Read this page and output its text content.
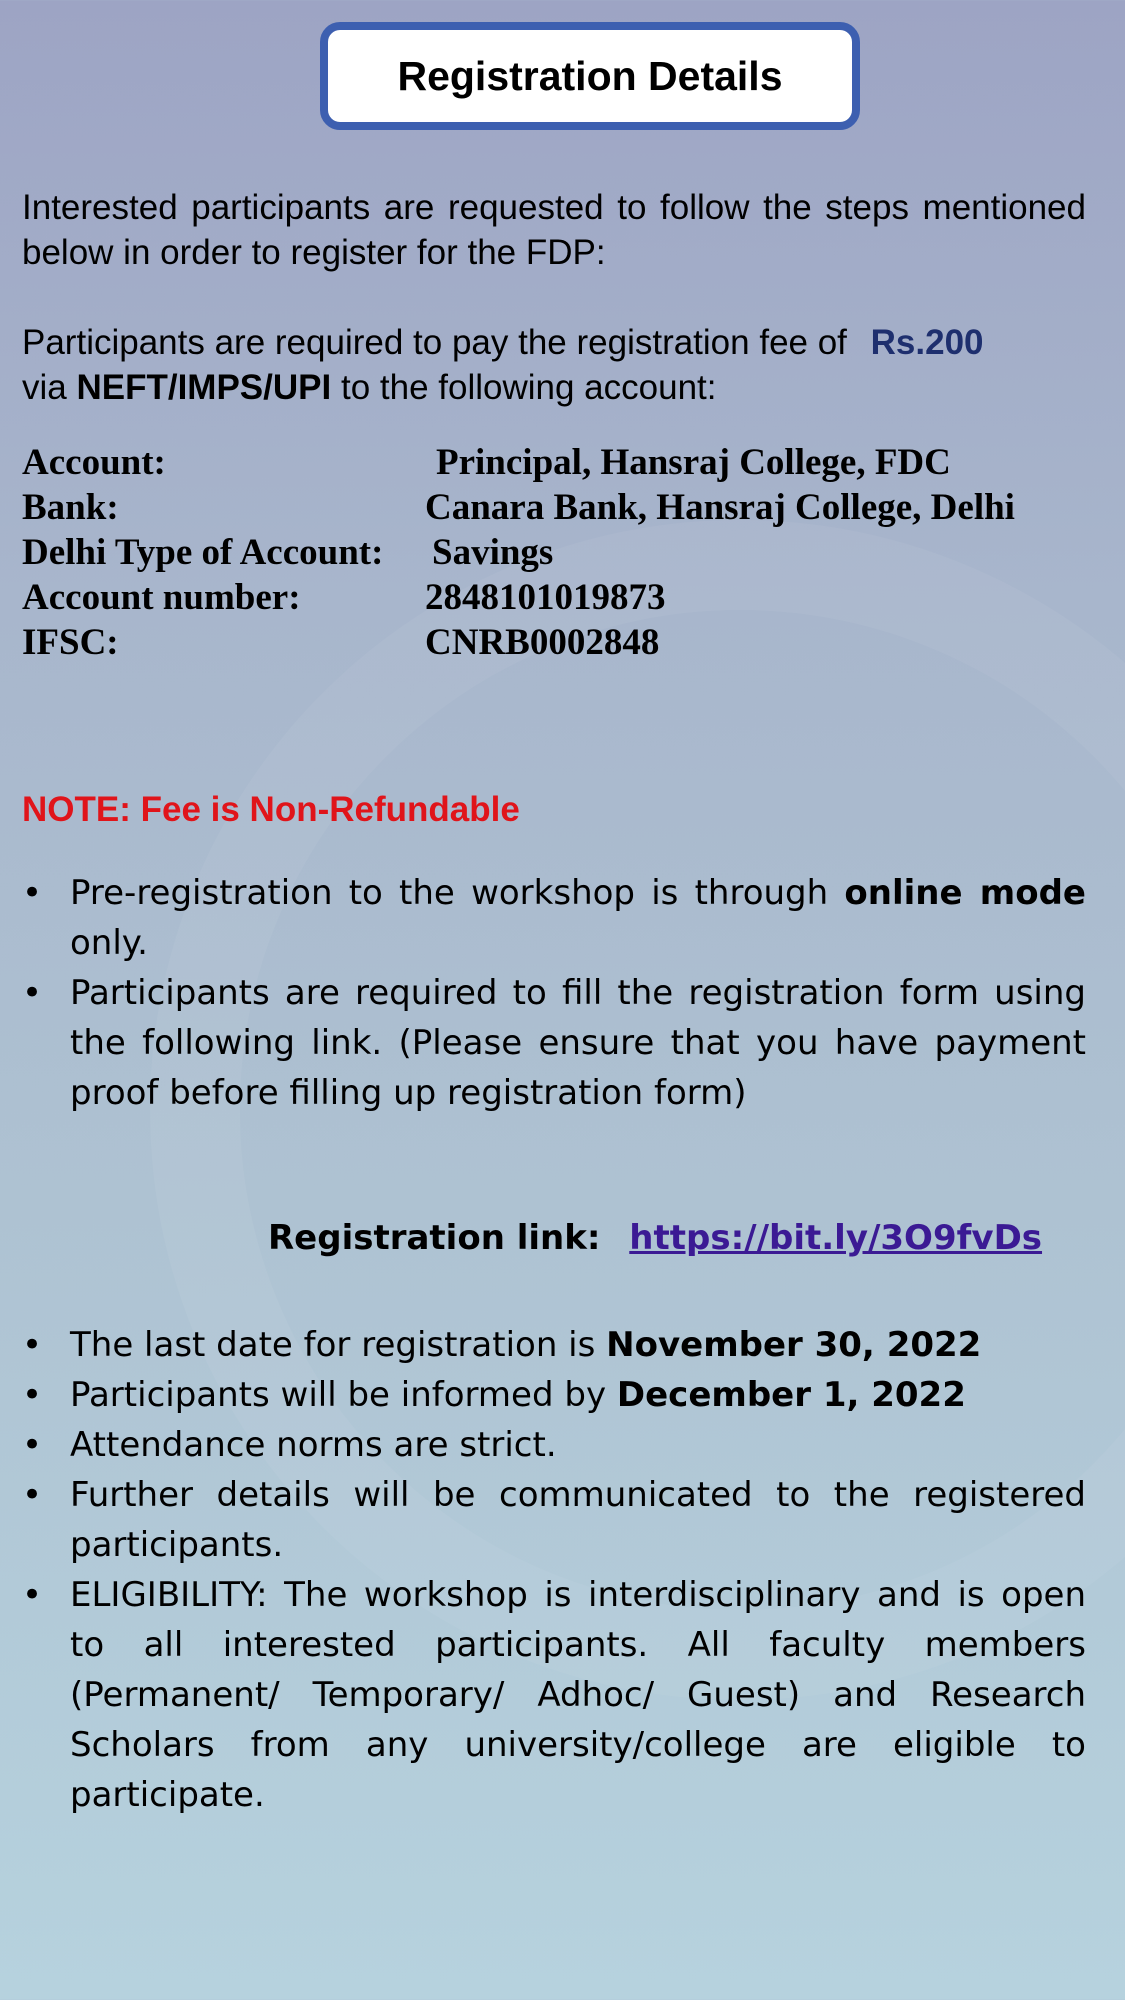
Registration Details
Interested participants are requested to follow the steps mentioned below in order to register for the FDP:
Participants are required to pay the registration fee of Rs.200
via NEFT/IMPS/UPI to the following account:
Account:	Principal, Hansraj College, FDC
Bank:	Canara Bank, Hansraj College, Delhi
Delhi Type of Account:	Savings
Account number:	2848101019873
IFSC:	CNRB0002848
NOTE: Fee is Non-Refundable
• Pre-registration to the workshop is through online mode only.
• Participants are required to fill the registration form using the following link. (Please ensure that you have payment proof before filling up registration form)
Registration link: https://bit.ly/3O9fvDs
• The last date for registration is November 30, 2022
• Participants will be informed by December 1, 2022
• Attendance norms are strict.
• Further details will be communicated to the registered participants.
• ELIGIBILITY: The workshop is interdisciplinary and is open to all interested participants. All faculty members (Permanent/ Temporary/ Adhoc/ Guest) and Research Scholars from any university/college are eligible to participate.
